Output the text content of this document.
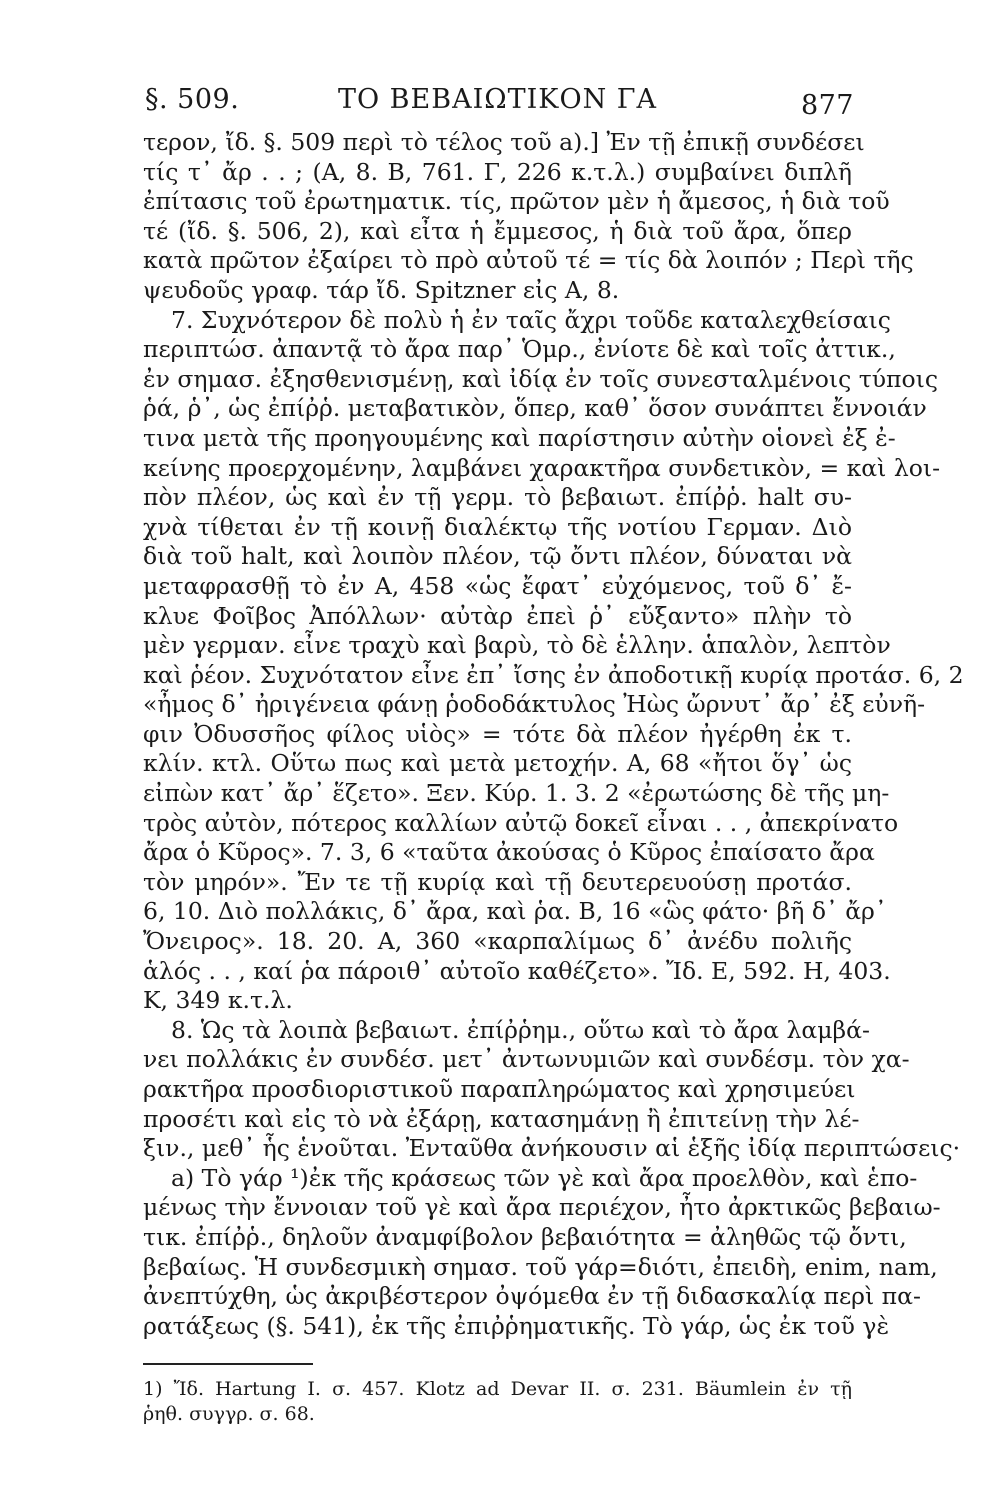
§. 509.	ΤΟ ΒΕΒΑΙΩΤΙΚΟΝ ΓΑ	877
τερον, ἴδ. §. 509 περὶ τὸ τέλος τοῦ a).] Ἐν τῇ ἐπικῇ συνδέσει
τίς τ᾽ ἄρ . . ; (A, 8. B, 761. Γ, 226 κ.τ.λ.) συμβαίνει διπλῆ
ἐπίτασις τοῦ ἐρωτηματικ. τίς, πρῶτον μὲν ἡ ἄμεσος, ἡ διὰ τοῦ
τέ (ἴδ. §. 506, 2), καὶ εἶτα ἡ ἔμμεσος, ἡ διὰ τοῦ ἄρα, ὅπερ
κατὰ πρῶτον ἐξαίρει τὸ πρὸ αὐτοῦ τέ = τίς δὰ λοιπόν ; Περὶ τῆς
ψευδοῦς γραφ. τάρ ἴδ. Spitzner εἰς A, 8.
7. Συχνότερον δὲ πολὺ ἡ ἐν ταῖς ἄχρι τοῦδε καταλεχθείσαις
περιπτώσ. ἀπαντᾷ τὸ ἄρα παρ᾽ Ὁμρ., ἐνίοτε δὲ καὶ τοῖς ἀττικ.,
ἐν σημασ. ἐξησθενισμένῃ, καὶ ἰδίᾳ ἐν τοῖς συνεσταλμένοις τύποις
ῥά, ῥ᾽, ὡς ἐπίῤῥ. μεταβατικὸν, ὅπερ, καθ᾽ ὅσον συνάπτει ἔννοιάν
τινα μετὰ τῆς προηγουμένης καὶ παρίστησιν αὐτὴν οἱονεὶ ἐξ ἐ-
κείνης προερχομένην, λαμβάνει χαρακτῆρα συνδετικὸν, = καὶ λοι-
πὸν πλέον, ὡς καὶ ἐν τῇ γερμ. τὸ βεβαιωτ. ἐπίῤῥ. halt συ-
χνὰ τίθεται ἐν τῇ κοινῇ διαλέκτῳ τῆς νοτίου Γερμαν. Διὸ
διὰ τοῦ halt, καὶ λοιπὸν πλέον, τῷ ὄντι πλέον, δύναται νὰ
μεταφρασθῇ τὸ ἐν A, 458 «ὡς ἔφατ᾽ εὐχόμενος, τοῦ δ᾽ ἔ-
κλυε Φοῖβος Ἀπόλλων· αὐτὰρ ἐπεὶ ῥ᾽ εὔξαντο» πλὴν τὸ
μὲν γερμαν. εἶνε τραχὺ καὶ βαρὺ, τὸ δὲ ἑλλην. ἁπαλὸν, λεπτὸν
καὶ ῥέον. Συχνότατον εἶνε ἐπ᾽ ἴσης ἐν ἀποδοτικῇ κυρίᾳ προτάσ. 6, 2
«ἦμος δ᾽ ἠριγένεια φάνῃ ῥοδοδάκτυλος Ἠὼς ὤρνυτ᾽ ἄρ᾽ ἐξ εὐνῆ-
φιν Ὀδυσσῆος φίλος υἱὸς» = τότε δὰ πλέον ἠγέρθη ἐκ τ.
κλίν. κτλ. Οὕτω πως καὶ μετὰ μετοχήν. A, 68 «ἤτοι ὅγ᾽ ὡς
εἰπὼν κατ᾽ ἄρ᾽ ἕζετο». Ξεν. Κύρ. 1. 3. 2 «ἐρωτώσης δὲ τῆς μη-
τρὸς αὐτὸν, πότερος καλλίων αὐτῷ δοκεῖ εἶναι . . , ἀπεκρίνατο
ἄρα ὁ Κῦρος». 7. 3, 6 «ταῦτα ἀκούσας ὁ Κῦρος ἐπαίσατο ἄρα
τὸν μηρόν». Ἔν τε τῇ κυρίᾳ καὶ τῇ δευτερευούσῃ προτάσ.
6, 10. Διὸ πολλάκις, δ᾽ ἄρα, καὶ ῥα. B, 16 «ὣς φάτο· βῆ δ᾽ ἄρ᾽
Ὄνειρος». 18. 20. A, 360 «καρπαλίμως δ᾽ ἀνέδυ πολιῆς
ἁλός . . , καί ῥα πάροιθ᾽ αὐτοῖο καθέζετο». Ἴδ. E, 592. H, 403.
K, 349 κ.τ.λ.
8. Ὡς τὰ λοιπὰ βεβαιωτ. ἐπίῤῥημ., οὕτω καὶ τὸ ἄρα λαμβά-
νει πολλάκις ἐν συνδέσ. μετ᾽ ἀντωνυμιῶν καὶ συνδέσμ. τὸν χα-
ρακτῆρα προσδιοριστικοῦ παραπληρώματος καὶ χρησιμεύει
προσέτι καὶ εἰς τὸ νὰ ἐξάρῃ, κατασημάνῃ ἢ ἐπιτείνῃ τὴν λέ-
ξιν., μεθ᾽ ἧς ἑνοῦται. Ἐνταῦθα ἀνήκουσιν αἱ ἑξῆς ἰδίᾳ περιπτώσεις·
a) Τὸ γάρ ¹)ἐκ τῆς κράσεως τῶν γὲ καὶ ἄρα προελθὸν, καὶ ἑπο-
μένως τὴν ἔννοιαν τοῦ γὲ καὶ ἄρα περιέχον, ἦτο ἀρκτικῶς βεβαιω-
τικ. ἐπίῤῥ., δηλοῦν ἀναμφίβολον βεβαιότητα = ἀληθῶς τῷ ὄντι,
βεβαίως. Ἡ συνδεσμικὴ σημασ. τοῦ γάρ=διότι, ἐπειδὴ, enim, nam,
ἀνεπτύχθη, ὡς ἀκριβέστερον ὀψόμεθα ἐν τῇ διδασκαλίᾳ περὶ πα-
ρατάξεως (§. 541), ἐκ τῆς ἐπιῤῥηματικῆς. Τὸ γάρ, ὡς ἐκ τοῦ γὲ
1) Ἴδ. Hartung I. σ. 457. Klotz ad Devar II. σ. 231. Bäumlein ἐν τῇ
ῥηθ. συγγρ. σ. 68.
